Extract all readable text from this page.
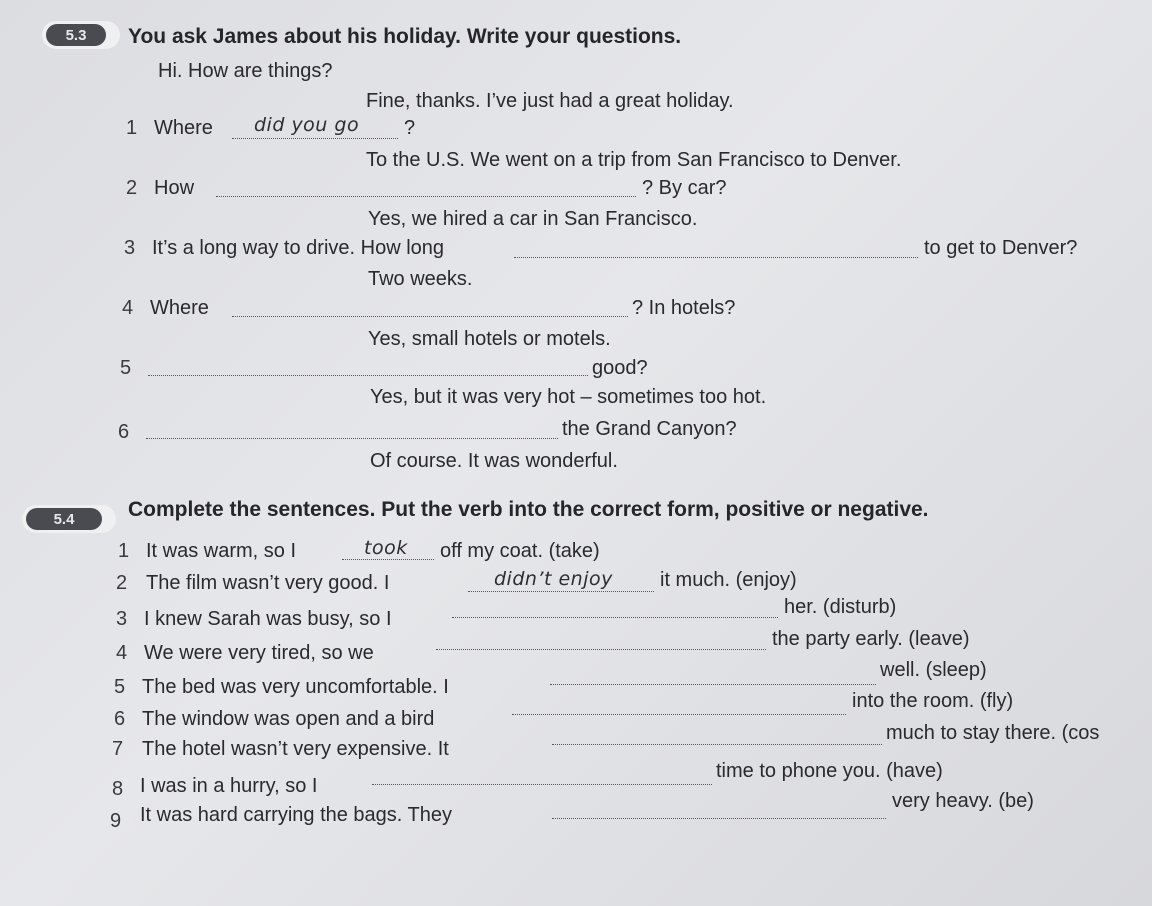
5.3	You ask James about his holiday. Write your questions.
Hi. How are things?
Fine, thanks. I’ve just had a great holiday.
1 Where did you go ?
To the U.S. We went on a trip from San Francisco to Denver.
2 How	? By car?
Yes, we hired a car in San Francisco.
3 It’s a long way to drive. How long	to get to Denver?
Two weeks.
4 Where	? In hotels?
Yes, small hotels or motels.
5	good?
Yes, but it was very hot – sometimes too hot.
6	the Grand Canyon?
Of course. It was wonderful.
5.4	Complete the sentences. Put the verb into the correct form, positive or negative.
1 It was warm, so I	took off my coat. (take)
2 The film wasn’t very good. I	didn’t enjoy it much. (enjoy)
3 I knew Sarah was busy, so I
her. (disturb)
4 We were very tired, so we
the party early. (leave)
5 The bed was very uncomfortable. I
well. (sleep)
6 The window was open and a bird
into the room. (fly)
7 The hotel wasn’t very expensive. It
much to stay there. (cos
8 I was in a hurry, so I
time to phone you. (have)
9 It was hard carrying the bags. They
very heavy. (be)
